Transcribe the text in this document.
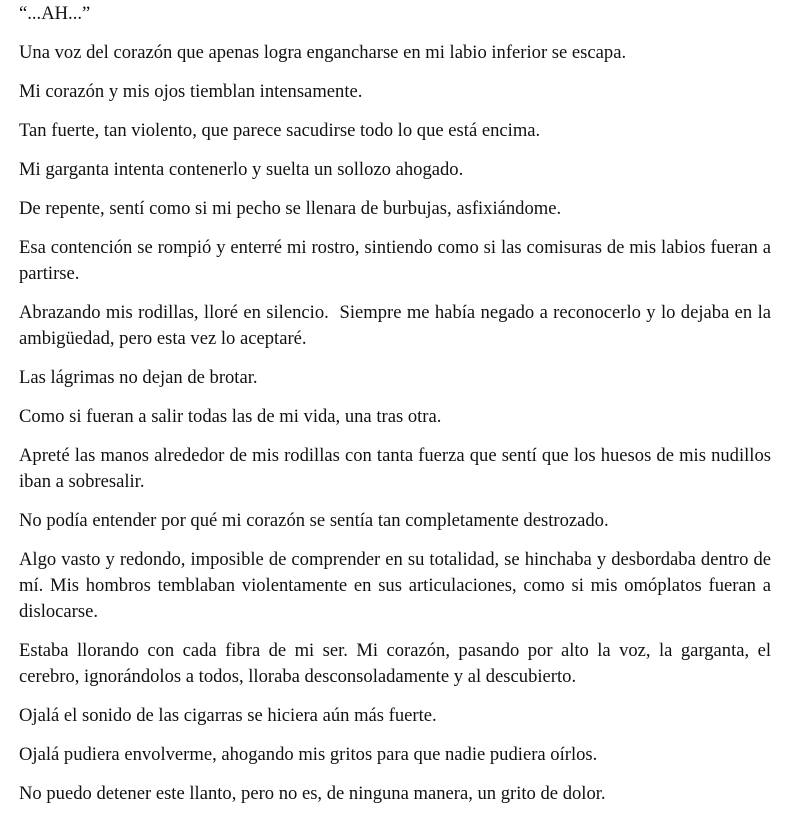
“...AH...”

Una voz del corazón que apenas logra engancharse en mi labio inferior se escapa.

Mi corazón y mis ojos tiemblan intensamente.

Tan fuerte, tan violento, que parece sacudirse todo lo que está encima.

Mi garganta intenta contenerlo y suelta un sollozo ahogado.

De repente, sentí como si mi pecho se llenara de burbujas, asfixiándome.

Esa contención se rompió y enterré mi rostro, sintiendo como si las comisuras de mis labios fueran a partirse.

Abrazando mis rodillas, lloré en silencio.  Siempre me había negado a reconocerlo y lo dejaba en la ambigüedad, pero esta vez lo aceptaré.

Las lágrimas no dejan de brotar.

Como si fueran a salir todas las de mi vida, una tras otra.

Apreté las manos alrededor de mis rodillas con tanta fuerza que sentí que los huesos de mis nudillos iban a sobresalir.

No podía entender por qué mi corazón se sentía tan completamente destrozado.

Algo vasto y redondo, imposible de comprender en su totalidad, se hinchaba y desbordaba dentro de mí. Mis hombros temblaban violentamente en sus articulaciones, como si mis omóplatos fueran a dislocarse.

Estaba llorando con cada fibra de mi ser. Mi corazón, pasando por alto la voz, la garganta, el cerebro, ignorándolos a todos, lloraba desconsoladamente y al descubierto.

Ojalá el sonido de las cigarras se hiciera aún más fuerte.

Ojalá pudiera envolverme, ahogando mis gritos para que nadie pudiera oírlos.

No puedo detener este llanto, pero no es, de ninguna manera, un grito de dolor.
